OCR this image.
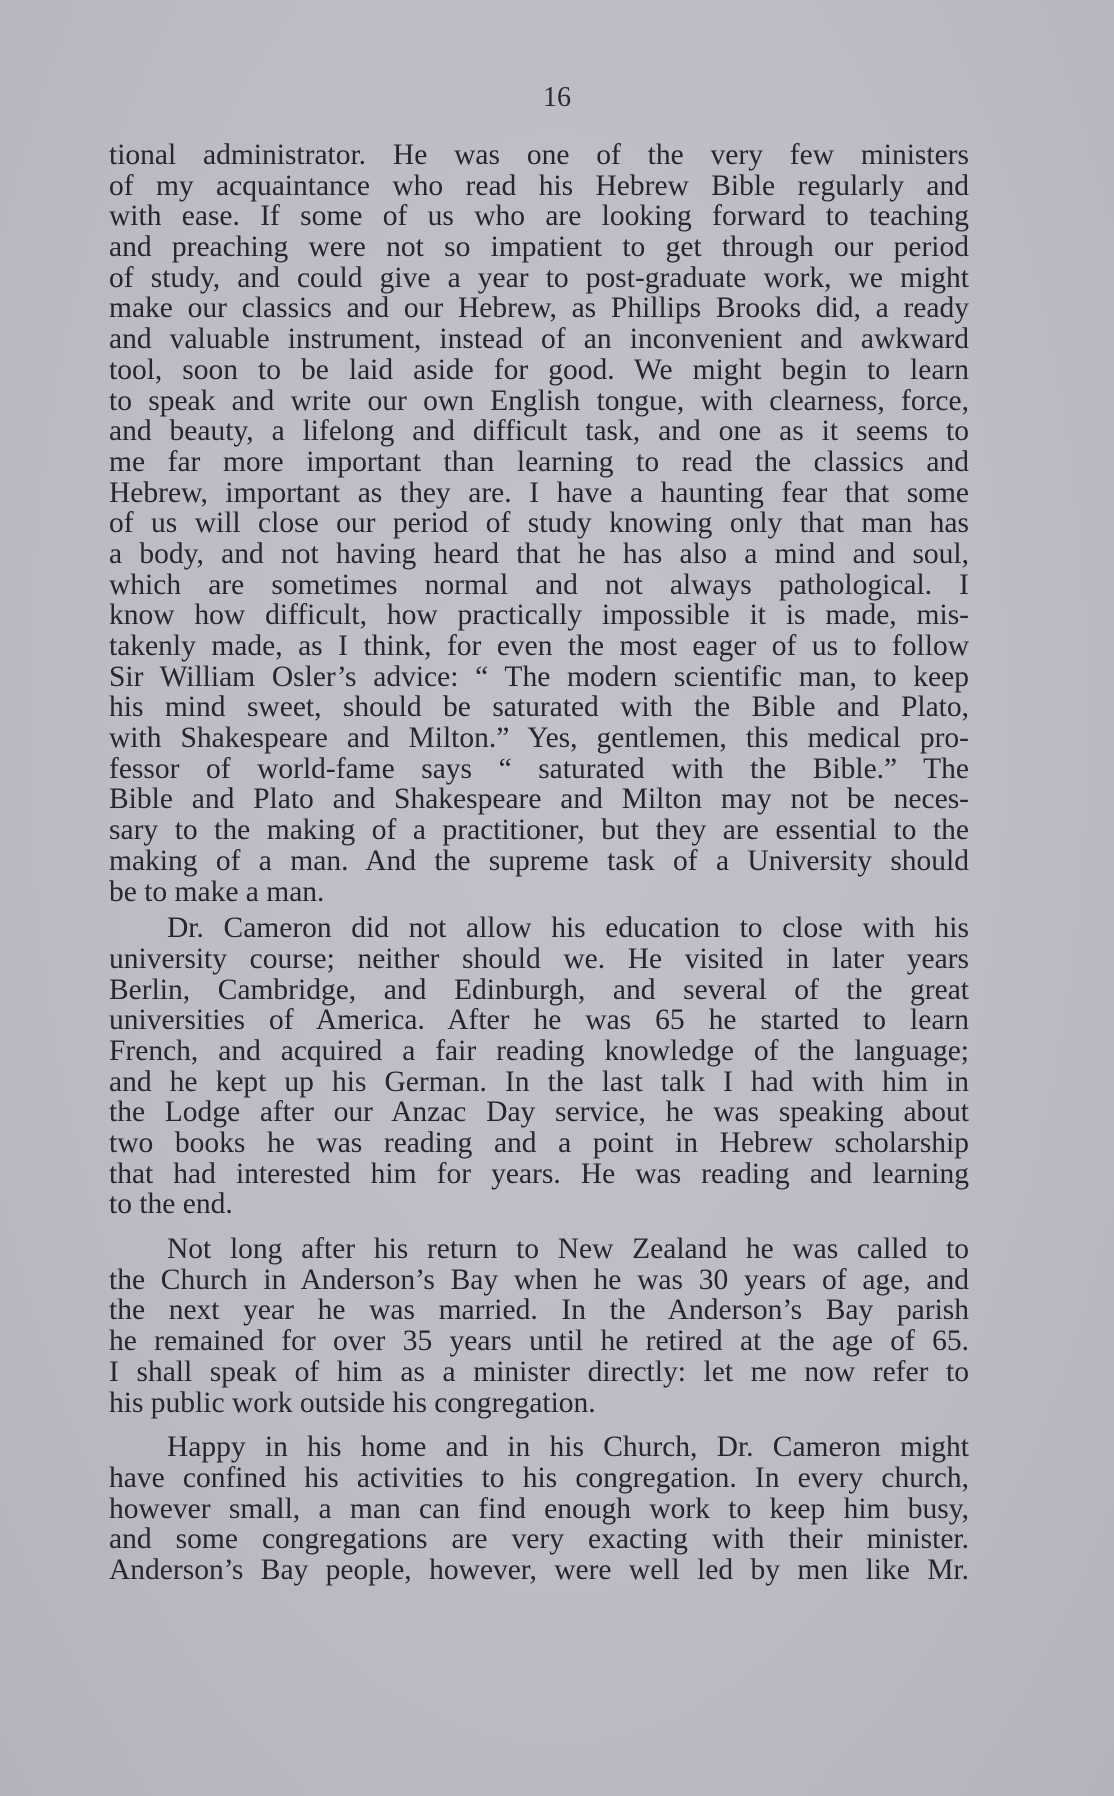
16
tional administrator. He was one of the very few ministers
of my acquaintance who read his Hebrew Bible regularly and
with ease. If some of us who are looking forward to teaching
and preaching were not so impatient to get through our period
of study, and could give a year to post-graduate work, we might
make our classics and our Hebrew, as Phillips Brooks did, a ready
and valuable instrument, instead of an inconvenient and awkward
tool, soon to be laid aside for good. We might begin to learn
to speak and write our own English tongue, with clearness, force,
and beauty, a lifelong and difficult task, and one as it seems to
me far more important than learning to read the classics and
Hebrew, important as they are. I have a haunting fear that some
of us will close our period of study knowing only that man has
a body, and not having heard that he has also a mind and soul,
which are sometimes normal and not always pathological. I
know how difficult, how practically impossible it is made, mis-
takenly made, as I think, for even the most eager of us to follow
Sir William Osler’s advice: “ The modern scientific man, to keep
his mind sweet, should be saturated with the Bible and Plato,
with Shakespeare and Milton.” Yes, gentlemen, this medical pro-
fessor of world-fame says “ saturated with the Bible.” The
Bible and Plato and Shakespeare and Milton may not be neces-
sary to the making of a practitioner, but they are essential to the
making of a man. And the supreme task of a University should
be to make a man.
Dr. Cameron did not allow his education to close with his
university course; neither should we. He visited in later years
Berlin, Cambridge, and Edinburgh, and several of the great
universities of America. After he was 65 he started to learn
French, and acquired a fair reading knowledge of the language;
and he kept up his German. In the last talk I had with him in
the Lodge after our Anzac Day service, he was speaking about
two books he was reading and a point in Hebrew scholarship
that had interested him for years. He was reading and learning
to the end.
Not long after his return to New Zealand he was called to
the Church in Anderson’s Bay when he was 30 years of age, and
the next year he was married. In the Anderson’s Bay parish
he remained for over 35 years until he retired at the age of 65.
I shall speak of him as a minister directly: let me now refer to
his public work outside his congregation.
Happy in his home and in his Church, Dr. Cameron might
have confined his activities to his congregation. In every church,
however small, a man can find enough work to keep him busy,
and some congregations are very exacting with their minister.
Anderson’s Bay people, however, were well led by men like Mr.
